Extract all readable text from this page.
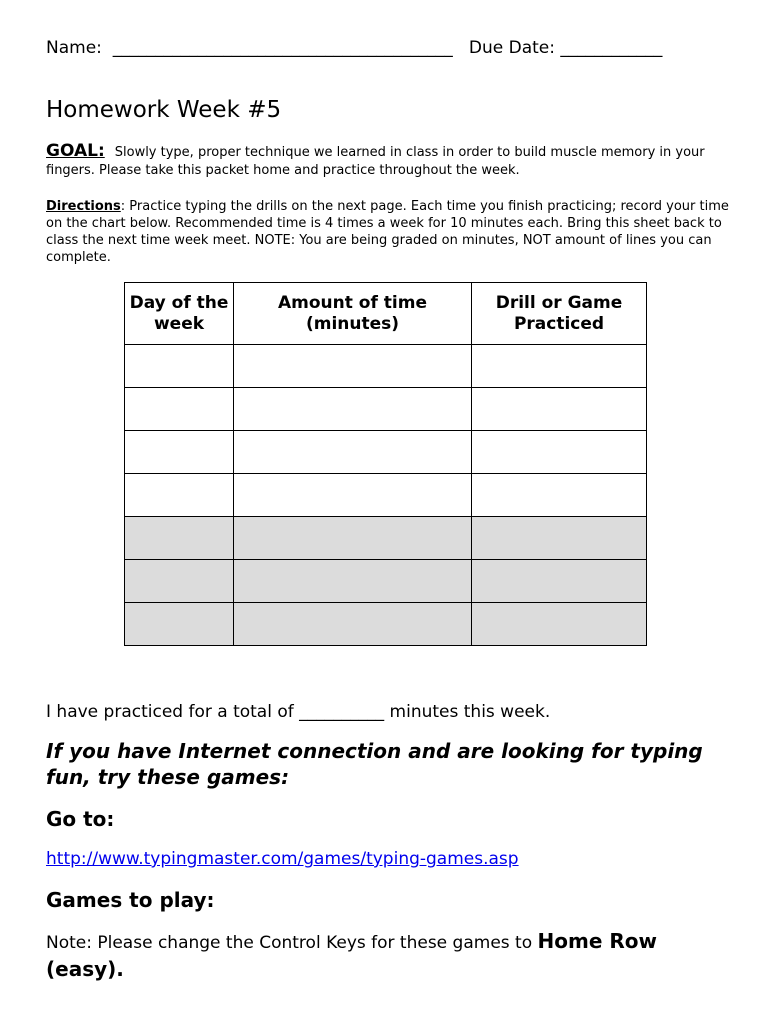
Name:  ________________________________________   Due Date: ____________
Homework Week #5
GOAL: Slowly type, proper technique we learned in class in order to build muscle memory in your fingers. Please take this packet home and practice throughout the week.
Directions: Practice typing the drills on the next page. Each time you finish practicing; record your time on the chart below. Recommended time is 4 times a week for 10 minutes each. Bring this sheet back to class the next time week meet. NOTE: You are being graded on minutes, NOT amount of lines you can complete.
Day of the week	Amount of time (minutes)	Drill or Game Practiced

I have practiced for a total of __________ minutes this week.
If you have Internet connection and are looking for typing fun, try these games:
Go to:
http://www.typingmaster.com/games/typing-games.asp
Games to play:
Note: Please change the Control Keys for these games to Home Row (easy).
